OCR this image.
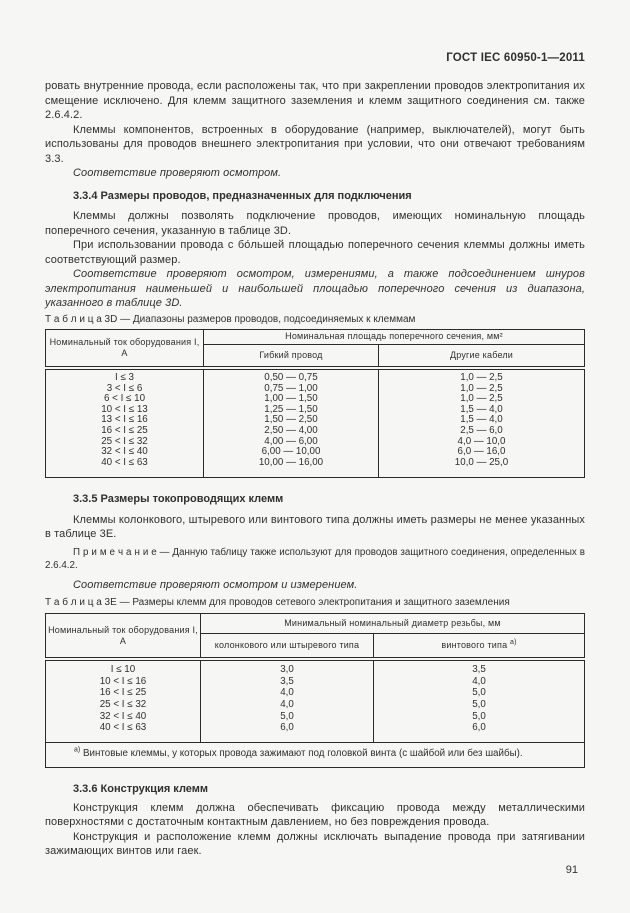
ГОСТ IEC 60950-1—2011

ровать внутренние провода, если расположены так, что при закреплении проводов электропитания их смещение исключено. Для клемм защитного заземления и клемм защитного соединения см. также 2.6.4.2.

Клеммы компонентов, встроенных в оборудование (например, выключателей), могут быть использованы для проводов внешнего электропитания при условии, что они отвечают требованиям 3.3.

Соответствие проверяют осмотром.

3.3.4 Размеры проводов, предназначенных для подключения

Клеммы должны позволять подключение проводов, имеющих номинальную площадь поперечного сечения, указанную в таблице 3D.

При использовании провода с бо́льшей площадью поперечного сечения клеммы должны иметь соответствующий размер.

Соответствие проверяют осмотром, измерениями, а также подсоединением шнуров электропитания наименьшей и наибольшей площадью поперечного сечения из диапазона, указанного в таблице 3D.

Т а б л и ц а 3D — Диапазоны размеров проводов, подсоединяемых к клеммам
Номинальный ток оборудования I, А	Номинальная площадь поперечного сечения, мм²	
	Гибкий провод	Другие кабели
I ≤ 3	0,50 — 0,75	1,0 — 2,5
3 < I ≤ 6	0,75 — 1,00	1,0 — 2,5
6 < I ≤ 10	1,00 — 1,50	1,0 — 2,5
10 < I ≤ 13	1,25 — 1,50	1,5 — 4,0
13 < I ≤ 16	1,50 — 2,50	1,5 — 4,0
16 < I ≤ 25	2,50 — 4,00	2,5 — 6,0
25 < I ≤ 32	4,00 — 6,00	4,0 — 10,0
32 < I ≤ 40	6,00 — 10,00	6,0 — 16,0
40 < I ≤ 63	10,00 — 16,00	10,0 — 25,0

3.3.5 Размеры токопроводящих клемм

Клеммы колонкового, штыревого или винтового типа должны иметь размеры не менее указанных в таблице 3E.

П р и м е ч а н и е — Данную таблицу также используют для проводов защитного соединения, определенных в 2.6.4.2.

Соответствие проверяют осмотром и измерением.

Т а б л и ц а 3E — Размеры клемм для проводов сетевого электропитания и защитного заземления
Номинальный ток оборудования I, А	Минимальный номинальный диаметр резьбы, мм	
	колонкового или штыревого типа	винтового типа $^{а)}$
I ≤ 10	3,0	3,5
10 < I ≤ 16	3,5	4,0
16 < I ≤ 25	4,0	5,0
25 < I ≤ 32	4,0	5,0
32 < I ≤ 40	5,0	5,0
40 < I ≤ 63	6,0	6,0
$^{а)}$ Винтовые клеммы, у которых провода зажимают под головкой винта (с шайбой или без шайбы).		

3.3.6 Конструкция клемм

Конструкция клемм должна обеспечивать фиксацию провода между металлическими поверхностями с достаточным контактным давлением, но без повреждения провода.

Конструкция и расположение клемм должны исключать выпадение провода при затягивании зажимающих винтов или гаек.

91
